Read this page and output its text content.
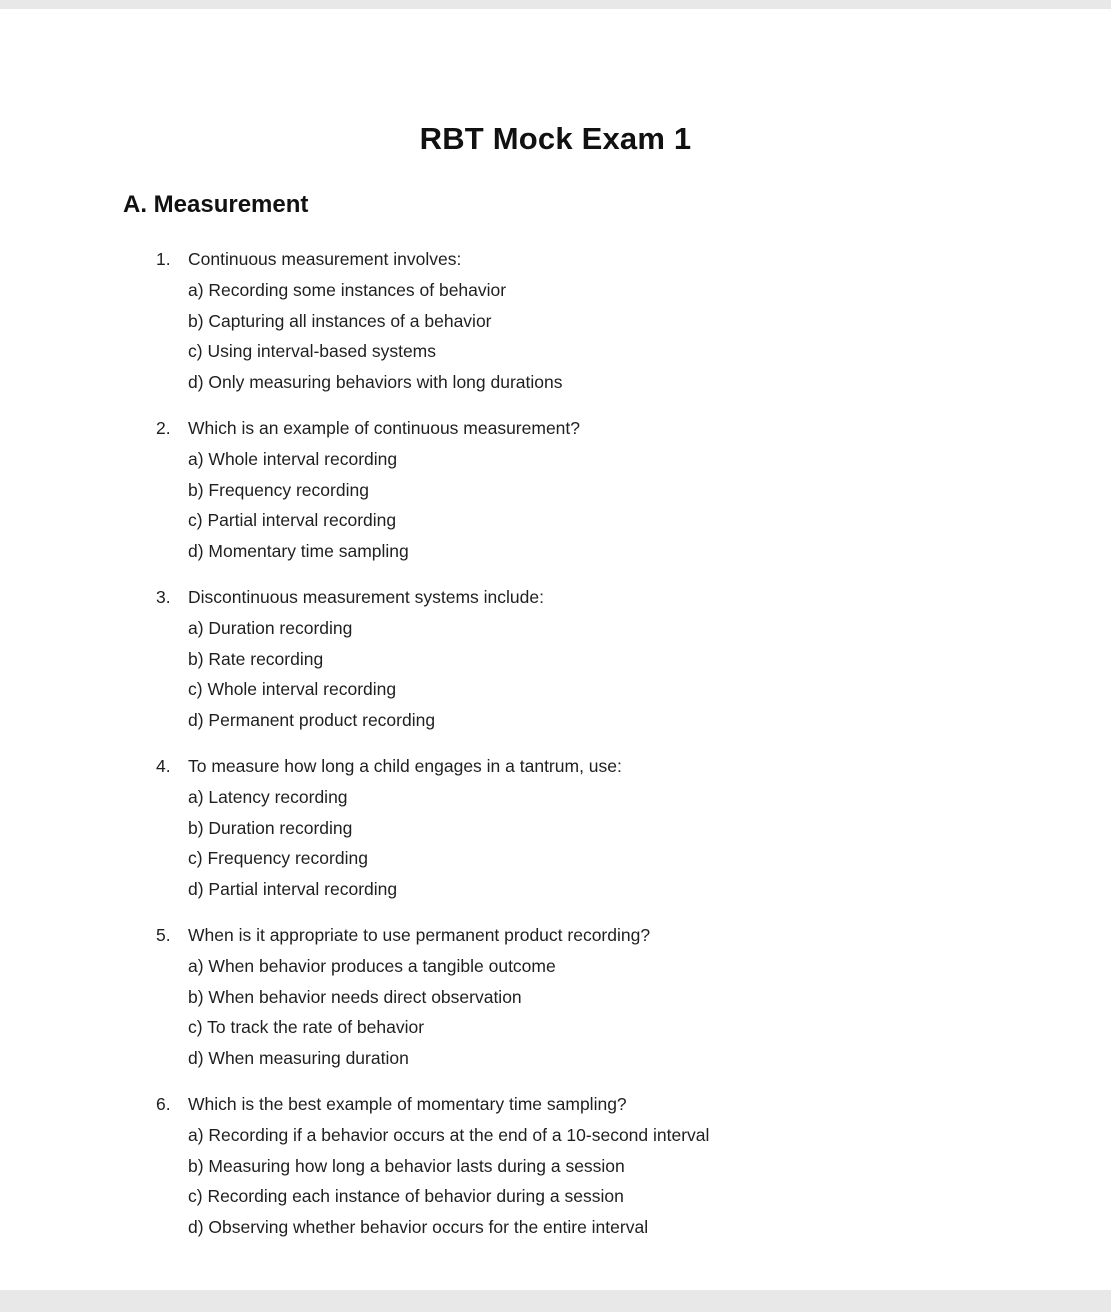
RBT Mock Exam 1
A. Measurement
1. Continuous measurement involves:
a) Recording some instances of behavior
b) Capturing all instances of a behavior
c) Using interval-based systems
d) Only measuring behaviors with long durations
2. Which is an example of continuous measurement?
a) Whole interval recording
b) Frequency recording
c) Partial interval recording
d) Momentary time sampling
3. Discontinuous measurement systems include:
a) Duration recording
b) Rate recording
c) Whole interval recording
d) Permanent product recording
4. To measure how long a child engages in a tantrum, use:
a) Latency recording
b) Duration recording
c) Frequency recording
d) Partial interval recording
5. When is it appropriate to use permanent product recording?
a) When behavior produces a tangible outcome
b) When behavior needs direct observation
c) To track the rate of behavior
d) When measuring duration
6. Which is the best example of momentary time sampling?
a) Recording if a behavior occurs at the end of a 10-second interval
b) Measuring how long a behavior lasts during a session
c) Recording each instance of behavior during a session
d) Observing whether behavior occurs for the entire interval
